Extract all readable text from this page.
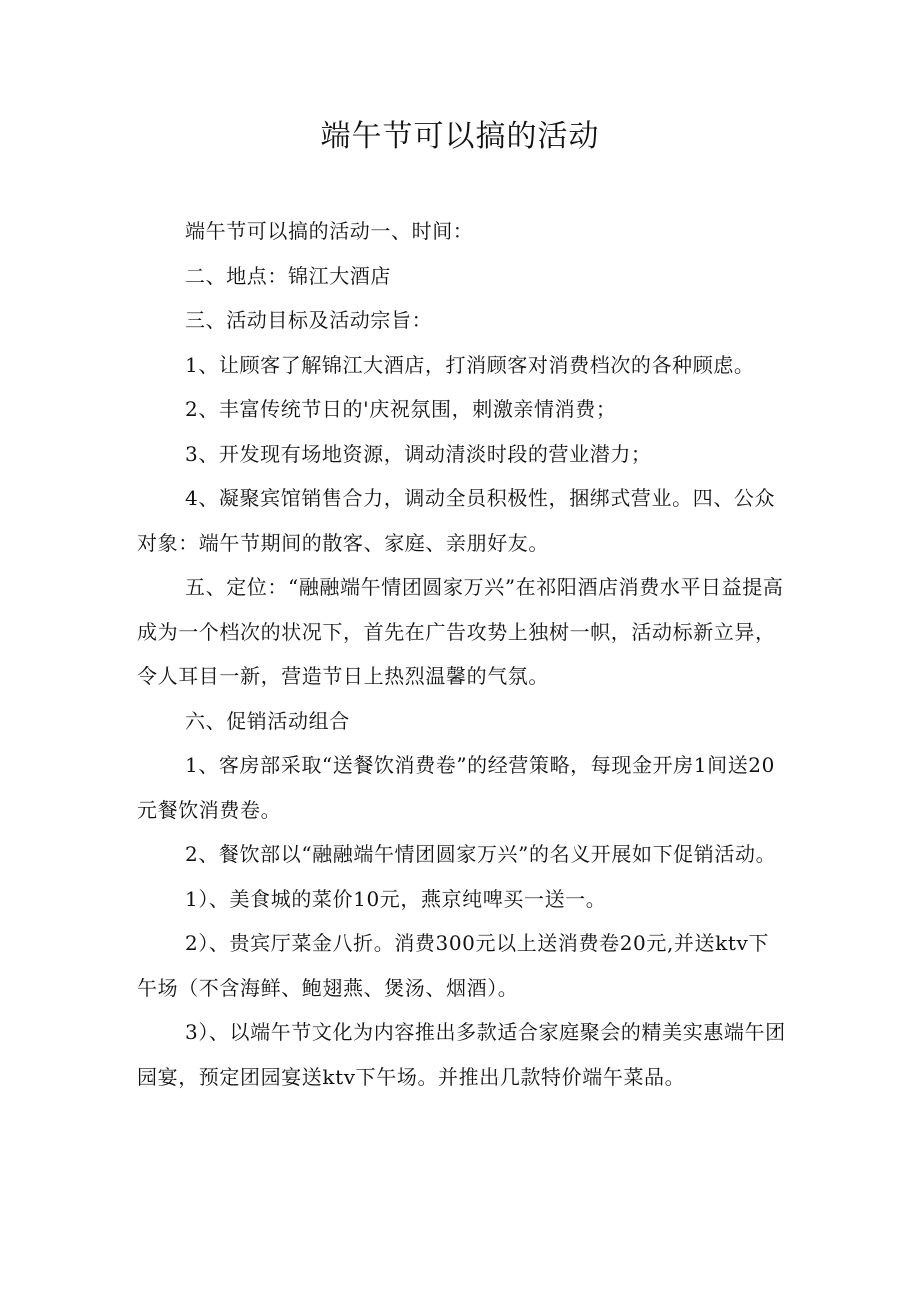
端午节可以搞的活动

端午节可以搞的活动一、时间：

二、地点：锦江大酒店

三、活动目标及活动宗旨：

1、让顾客了解锦江大酒店，打消顾客对消费档次的各种顾虑。

2、丰富传统节日的'庆祝氛围，刺激亲情消费；

3、开发现有场地资源，调动清淡时段的营业潜力；

4、凝聚宾馆销售合力，调动全员积极性，捆绑式营业。四、公众对象：端午节期间的散客、家庭、亲朋好友。

五、定位：“融融端午情团圆家万兴”在祁阳酒店消费水平日益提高成为一个档次的状况下，首先在广告攻势上独树一帜，活动标新立异，令人耳目一新，营造节日上热烈温馨的气氛。

六、促销活动组合

1、客房部采取“送餐饮消费卷”的经营策略，每现金开房1间送20元餐饮消费卷。

2、餐饮部以“融融端午情团圆家万兴”的名义开展如下促销活动。

1）、美食城的菜价10元，燕京纯啤买一送一。

2）、贵宾厅菜金八折。消费300元以上送消费卷20元,并送ktv下午场（不含海鲜、鲍翅燕、煲汤、烟酒）。

3）、以端午节文化为内容推出多款适合家庭聚会的精美实惠端午团园宴，预定团园宴送ktv下午场。并推出几款特价端午菜品。
